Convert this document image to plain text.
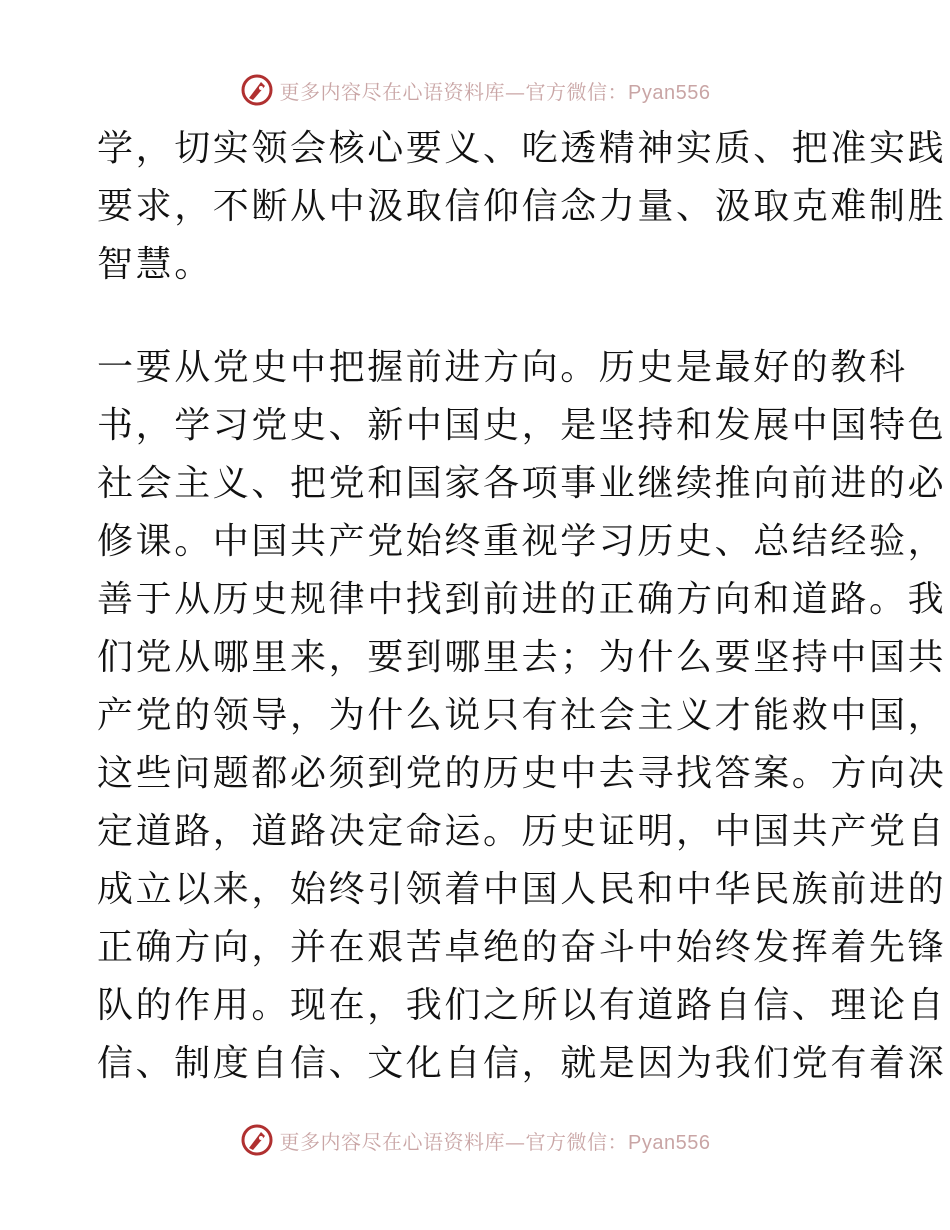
更多内容尽在心语资料库—官方微信：Pyan556
学，切实领会核心要义、吃透精神实质、把准实践
要求，不断从中汲取信仰信念力量、汲取克难制胜
智慧。
一要从党史中把握前进方向。历史是最好的教科
书，学习党史、新中国史，是坚持和发展中国特色
社会主义、把党和国家各项事业继续推向前进的必
修课。中国共产党始终重视学习历史、总结经验，
善于从历史规律中找到前进的正确方向和道路。我
们党从哪里来，要到哪里去；为什么要坚持中国共
产党的领导，为什么说只有社会主义才能救中国，
这些问题都必须到党的历史中去寻找答案。方向决
定道路，道路决定命运。历史证明，中国共产党自
成立以来，始终引领着中国人民和中华民族前进的
正确方向，并在艰苦卓绝的奋斗中始终发挥着先锋
队的作用。现在，我们之所以有道路自信、理论自
信、制度自信、文化自信，就是因为我们党有着深
更多内容尽在心语资料库—官方微信：Pyan556
